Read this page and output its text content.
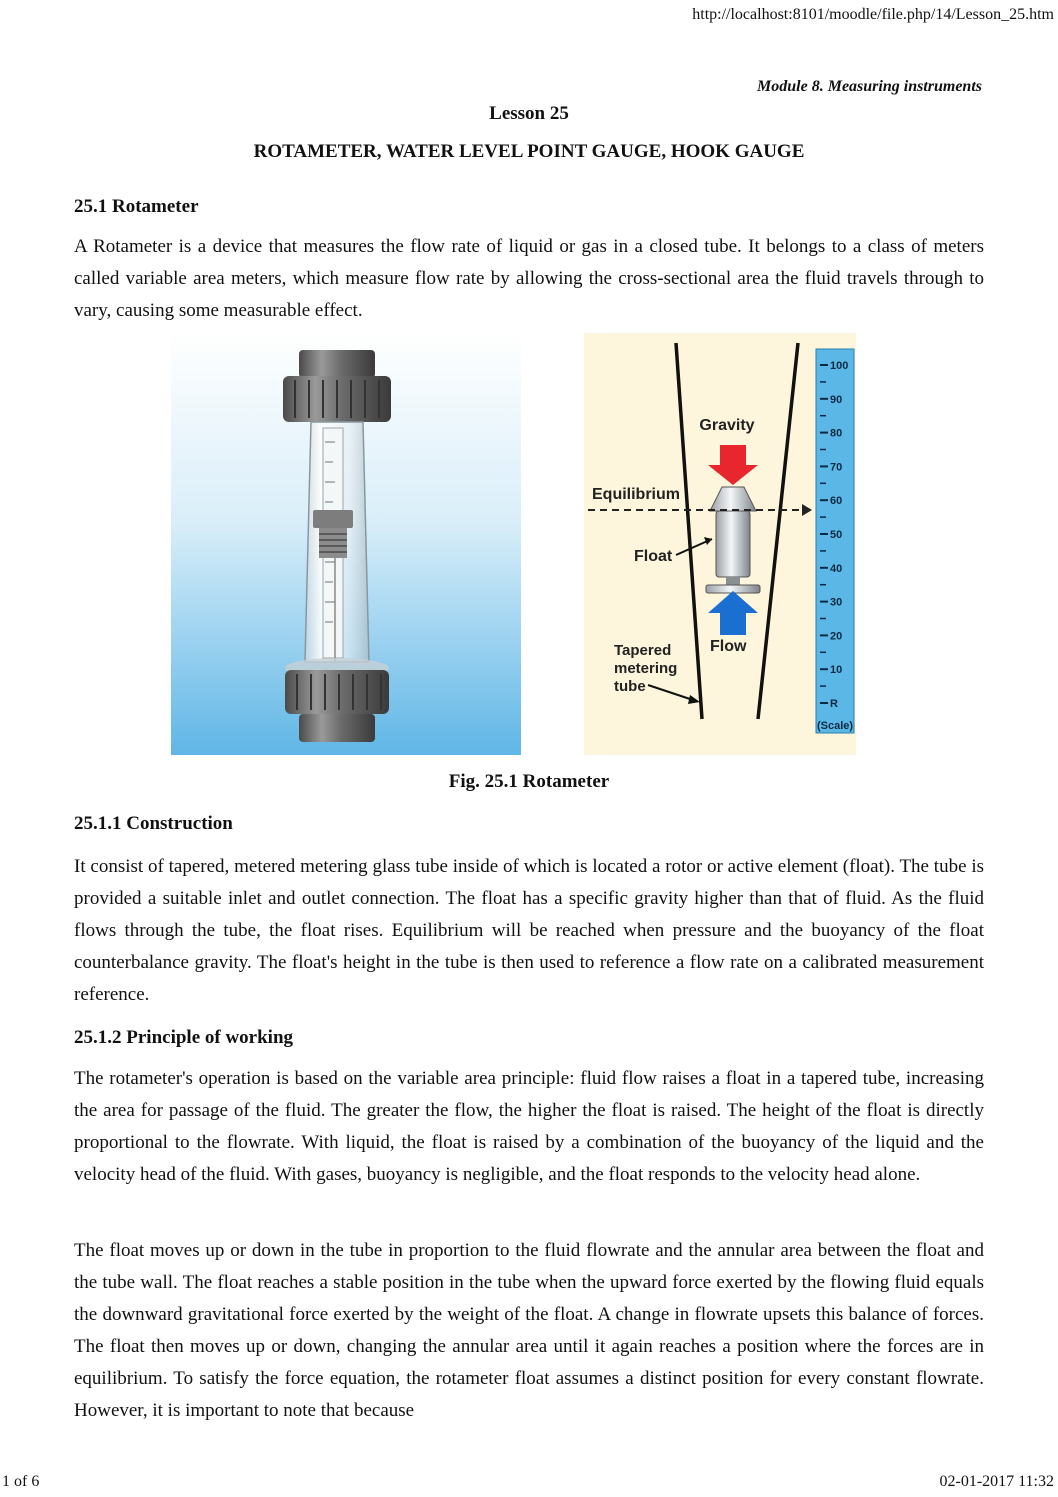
http://localhost:8101/moodle/file.php/14/Lesson_25.htm
Module 8. Measuring instruments
Lesson 25
ROTAMETER, WATER LEVEL POINT GAUGE, HOOK GAUGE
25.1 Rotameter

A Rotameter is a device that measures the flow rate of liquid or gas in a closed tube. It belongs to a class of meters called variable area meters, which measure flow rate by allowing the cross-sectional area the fluid travels through to vary, causing some measurable effect.

Gravity
Equilibrium
Float
Flow
Tapered
metering
tube
100
90
80
70
60
50
40
30
20
10
R
(Scale)
Fig. 25.1 Rotameter
25.1.1 Construction

It consist of tapered, metered metering glass tube inside of which is located a rotor or active element (float). The tube is provided a suitable inlet and outlet connection. The float has a specific gravity higher than that of fluid. As the fluid flows through the tube, the float rises. Equilibrium will be reached when pressure and the buoyancy of the float counterbalance gravity. The float's height in the tube is then used to reference a flow rate on a calibrated measurement reference.

25.1.2 Principle of working

The rotameter's operation is based on the variable area principle: fluid flow raises a float in a tapered tube, increasing the area for passage of the fluid. The greater the flow, the higher the float is raised. The height of the float is directly proportional to the flowrate. With liquid, the float is raised by a combination of the buoyancy of the liquid and the velocity head of the fluid. With gases, buoyancy is negligible, and the float responds to the velocity head alone.

The float moves up or down in the tube in proportion to the fluid flowrate and the annular area between the float and the tube wall. The float reaches a stable position in the tube when the upward force exerted by the flowing fluid equals the downward gravitational force exerted by the weight of the float. A change in flowrate upsets this balance of forces. The float then moves up or down, changing the annular area until it again reaches a position where the forces are in equilibrium. To satisfy the force equation, the rotameter float assumes a distinct position for every constant flowrate. However, it is important to note that because

1 of 6	02-01-2017 11:32
